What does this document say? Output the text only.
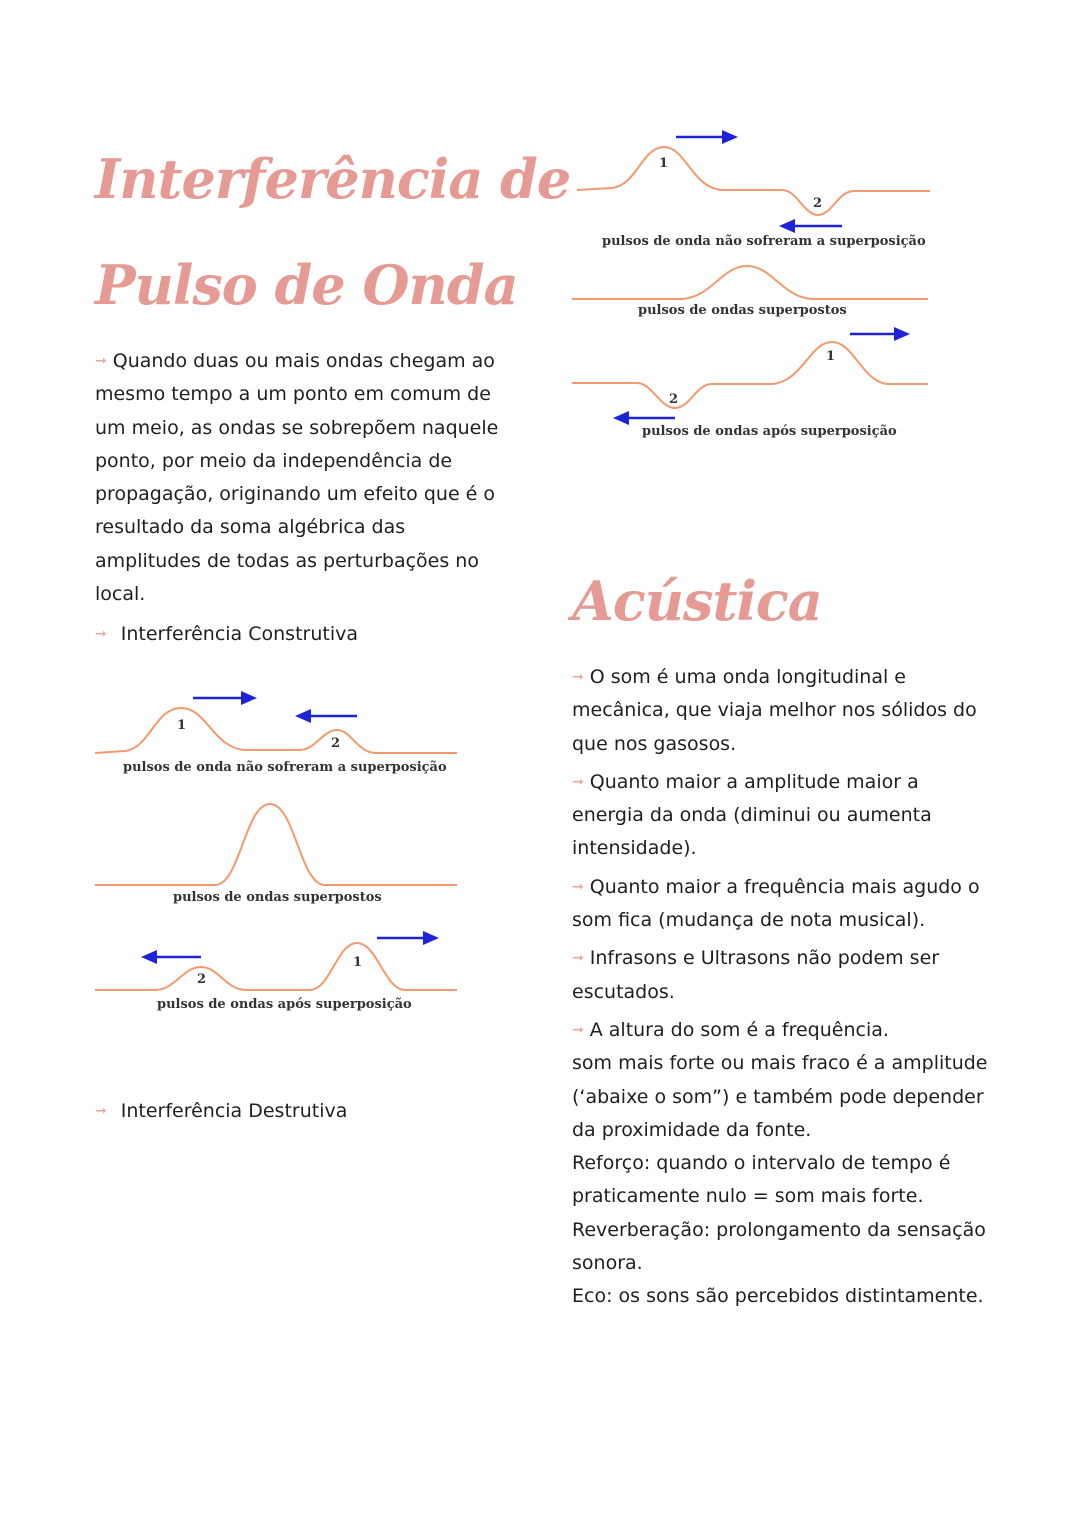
Interferência de
Pulso de Onda

➞ Quando duas ou mais ondas chegam ao mesmo tempo a um ponto em comum de um meio, as ondas se sobrepõem naquele ponto, por meio da independência de propagação, originando um efeito que é o resultado da soma algébrica das amplitudes de todas as perturbações no local.

➞ Interferência Construtiva

1
2
pulsos de onda não sofreram a superposição
pulsos de ondas superpostos
2
1
pulsos de ondas após superposição

➞ Interferência Destrutiva

1
2
pulsos de onda não sofreram a superposição
pulsos de ondas superpostos
1
2
pulsos de ondas após superposição
Acústica

➞ O som é uma onda longitudinal e mecânica, que viaja melhor nos sólidos do que nos gasosos.

➞ Quanto maior a amplitude maior a energia da onda (diminui ou aumenta intensidade).

➞ Quanto maior a frequência mais agudo o som fica (mudança de nota musical).

➞ Infrasons e Ultrasons não podem ser escutados.

➞ A altura do som é a frequência.

som mais forte ou mais fraco é a amplitude (‘abaixe o som”) e também pode depender da proximidade da fonte.

Reforço: quando o intervalo de tempo é praticamente nulo = som mais forte.

Reverberação: prolongamento da sensação sonora.

Eco: os sons são percebidos distintamente.
